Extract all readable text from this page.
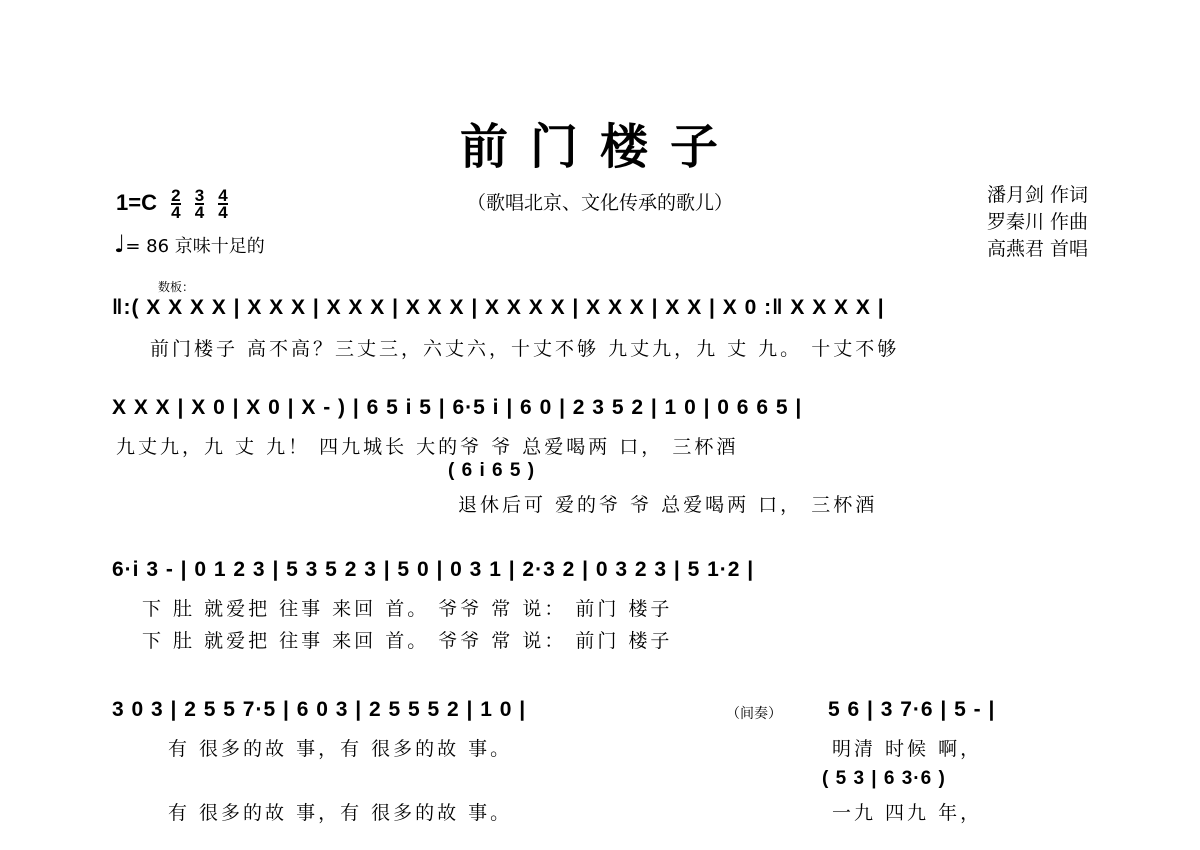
前门楼子
（歌唱北京、文化传承的歌儿）	潘月剑 作词
罗秦川 作曲
高燕君 首唱
$1=C \frac{2}{4}$
$\frac{3}{4}$
$\frac{4}{4}$
♩= 86 京味十足的
数板：
‖:( X X X X | X X X | X X X | X X X | X X X X | X X X | X X | X 0 :‖ X X X X |
前门楼子 高不高？三丈三，六丈六，十丈不够 九丈九，九 丈 九。 十丈不够
X X X | X 0 | X 0 | X - ) | 6 5 i 5 | 6·5 i | 6 0 | 2 3 5 2 | 1 0 | 0 6 6 5 |
九丈九，九 丈 九！ 四九城长 大的爷 爷 总爱喝两 口， 三杯酒
( 6 i 6 5 )
退休后可 爱的爷 爷 总爱喝两 口， 三杯酒
6·i 3 - | 0 1 2 3 | 5 3 5 2 3 | 5 0 | 0 3 1 | 2·3 2 | 0 3 2 3 | 5 1·2 |
下 肚 就爱把 往事 来回 首。 爷爷 常 说： 前门 楼子
下 肚 就爱把 往事 来回 首。 爷爷 常 说： 前门 楼子
3 0 3 | 2 5 5 7·5 | 6 0 3 | 2 5 5 5 2 | 1 0 |	（间奏） 5 6 | 3 7·6 | 5 - |
有 很多的故 事，有 很多的故 事。	明清 时候 啊，
( 5 3 | 6 3·6 )
有 很多的故 事，有 很多的故 事。	一九 四九 年，
